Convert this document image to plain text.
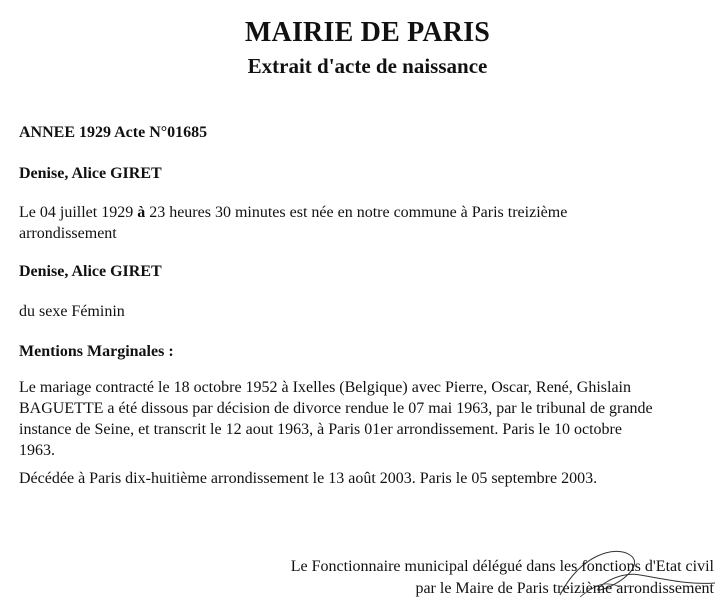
MAIRIE DE PARIS
Extrait d'acte de naissance

ANNEE 1929 Acte N°01685

Denise, Alice GIRET

Le 04 juillet 1929 à 23 heures 30 minutes est née en notre commune à Paris treizième
arrondissement

Denise, Alice GIRET

du sexe Féminin

Mentions Marginales :

Le mariage contracté le 18 octobre 1952 à Ixelles (Belgique) avec Pierre, Oscar, René, Ghislain
BAGUETTE a été dissous par décision de divorce rendue le 07 mai 1963, par le tribunal de grande
instance de Seine, et transcrit le 12 aout 1963, à Paris 01er arrondissement. Paris le 10 octobre
1963.

Décédée à Paris dix-huitième arrondissement le 13 août 2003. Paris le 05 septembre 2003.

Le Fonctionnaire municipal délégué dans les fonctions d'Etat civil
par le Maire de Paris treizième arrondissement
